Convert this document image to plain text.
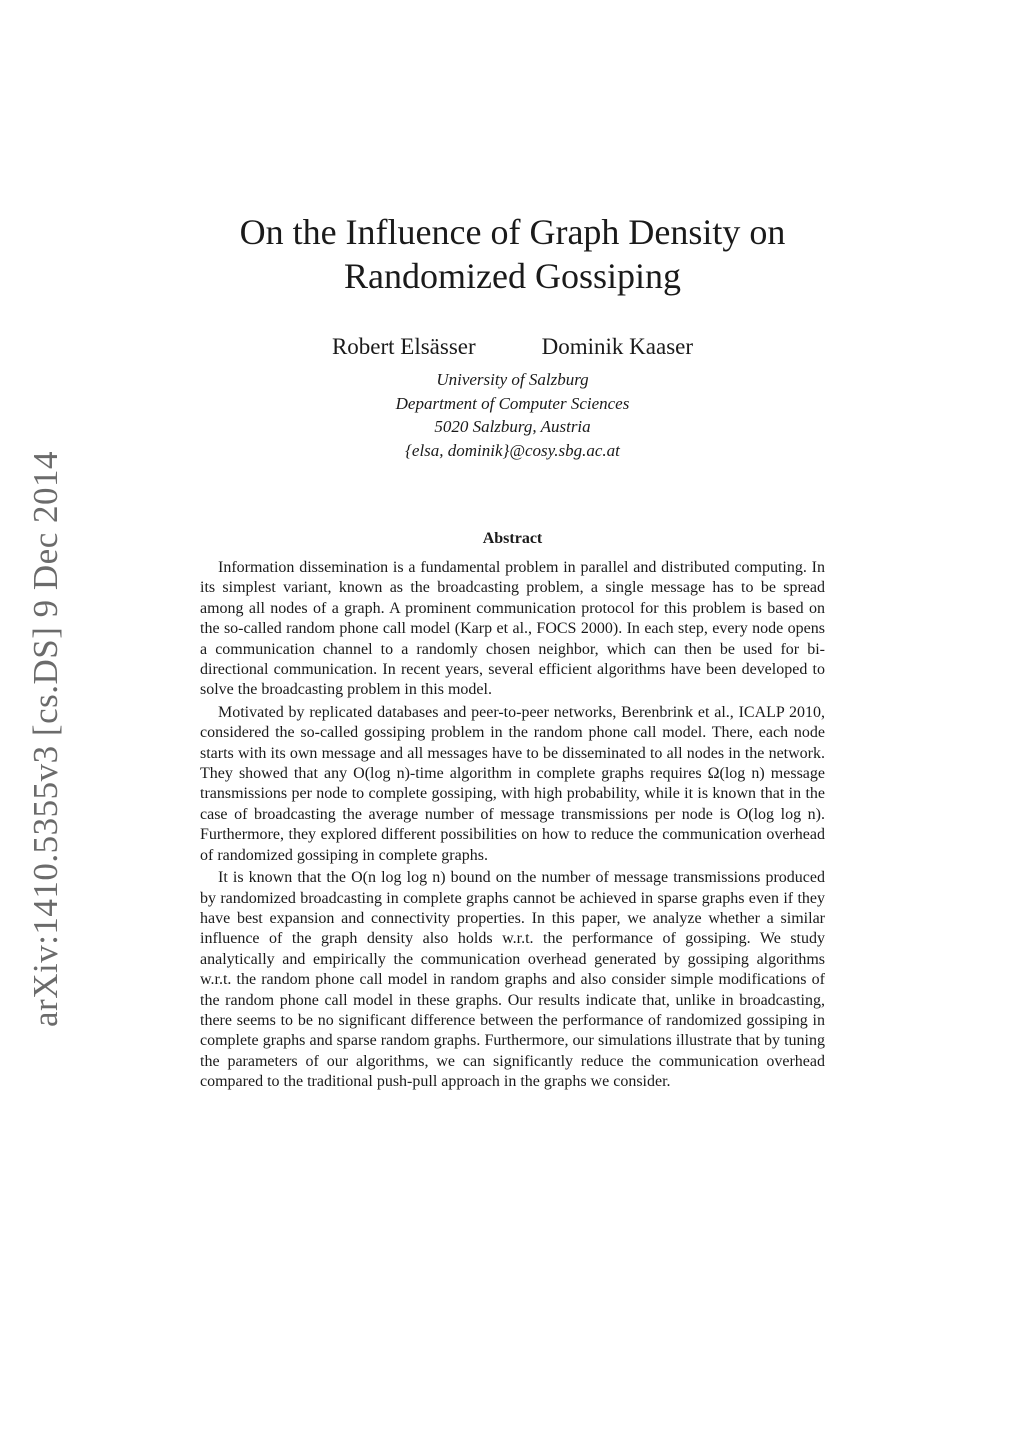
arXiv:1410.5355v3 [cs.DS] 9 Dec 2014
On the Influence of Graph Density on
Randomized Gossiping
Robert Elsässer	Dominik Kaaser
University of Salzburg
Department of Computer Sciences
5020 Salzburg, Austria
{elsa, dominik}@cosy.sbg.ac.at
Abstract

Information dissemination is a fundamental problem in parallel and distributed computing. In its simplest variant, known as the broadcasting problem, a single message has to be spread among all nodes of a graph. A prominent communication protocol for this problem is based on the so-called random phone call model (Karp et al., FOCS 2000). In each step, every node opens a communication channel to a randomly chosen neighbor, which can then be used for bi-directional communication. In recent years, several efficient algorithms have been developed to solve the broadcasting problem in this model.

Motivated by replicated databases and peer-to-peer networks, Berenbrink et al., ICALP 2010, considered the so-called gossiping problem in the random phone call model. There, each node starts with its own message and all messages have to be disseminated to all nodes in the network. They showed that any O(log n)-time algorithm in complete graphs requires Ω(log n) message transmissions per node to complete gossiping, with high probability, while it is known that in the case of broadcasting the average number of message transmissions per node is O(log log n). Furthermore, they explored different possibilities on how to reduce the communication overhead of randomized gossiping in complete graphs.

It is known that the O(n log log n) bound on the number of message transmissions produced by randomized broadcasting in complete graphs cannot be achieved in sparse graphs even if they have best expansion and connectivity properties. In this paper, we analyze whether a similar influence of the graph density also holds w.r.t. the performance of gossiping. We study analytically and empirically the communication overhead generated by gossiping algorithms w.r.t. the random phone call model in random graphs and also consider simple modifications of the random phone call model in these graphs. Our results indicate that, unlike in broadcasting, there seems to be no significant difference between the performance of randomized gossiping in complete graphs and sparse random graphs. Furthermore, our simulations illustrate that by tuning the parameters of our algorithms, we can significantly reduce the communication overhead compared to the traditional push-pull approach in the graphs we consider.
